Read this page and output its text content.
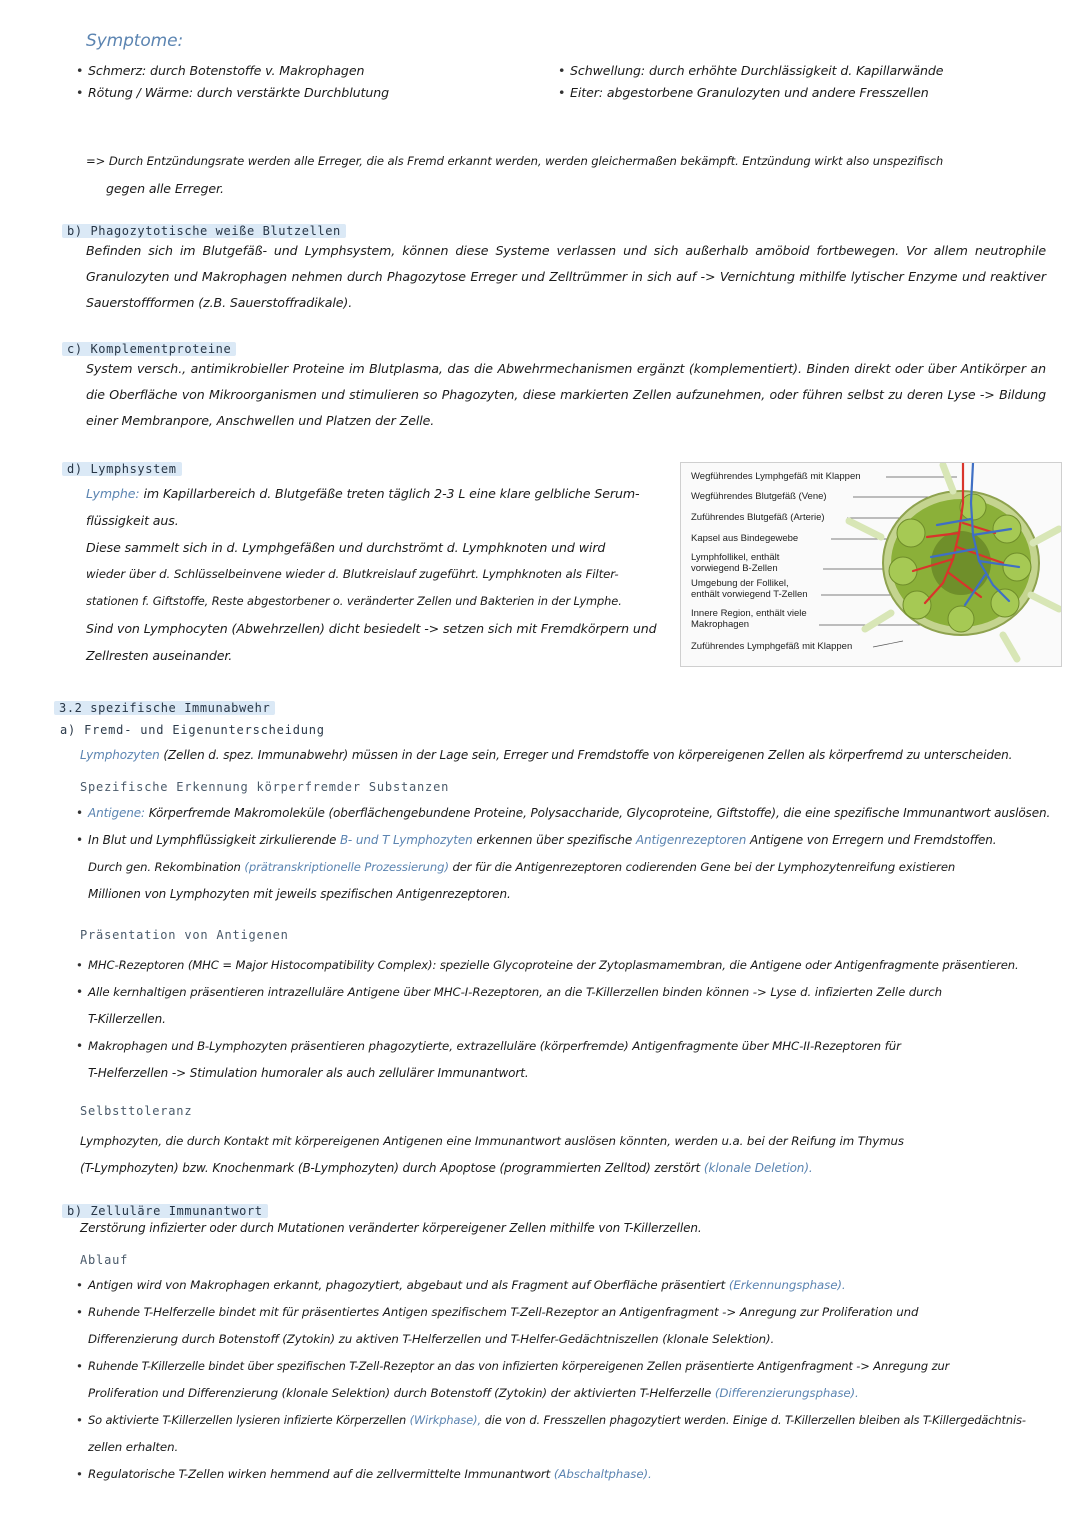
Symptome:
• Schmerz: durch Botenstoffe v. Makrophagen
• Rötung / Wärme: durch verstärkte Durchblutung
• Schwellung: durch erhöhte Durchlässigkeit d. Kapillarwände
• Eiter: abgestorbene Granulozyten und andere Fresszellen
=> Durch Entzündungsrate werden alle Erreger, die als Fremd erkannt werden, werden gleichermaßen bekämpft. Entzündung wirkt also unspezifisch
gegen alle Erreger.
b) Phagozytotische weiße Blutzellen
Befinden sich im Blutgefäß- und Lymphsystem, können diese Systeme verlassen und sich außerhalb amöboid fortbewegen. Vor allem neutrophile Granulozyten und Makrophagen nehmen durch Phagozytose Erreger und Zelltrümmer in sich auf -> Vernichtung mithilfe lytischer Enzyme und reaktiver Sauerstoffformen (z.B. Sauerstoffradikale).
c) Komplementproteine
System versch., antimikrobieller Proteine im Blutplasma, das die Abwehrmechanismen ergänzt (komplementiert). Binden direkt oder über Antikörper an die Oberfläche von Mikroorganismen und stimulieren so Phagozyten, diese markierten Zellen aufzunehmen, oder führen selbst zu deren Lyse -> Bildung einer Membranpore, Anschwellen und Platzen der Zelle.
d) Lymphsystem
Lymphe: im Kapillarbereich d. Blutgefäße treten täglich 2-3 L eine klare gelbliche Serum-
flüssigkeit aus.
Diese sammelt sich in d. Lymphgefäßen und durchströmt d. Lymphknoten und wird
wieder über d. Schlüsselbeinvene wieder d. Blutkreislauf zugeführt. Lymphknoten als Filter-
stationen f. Giftstoffe, Reste abgestorbener o. veränderter Zellen und Bakterien in der Lymphe.
Sind von Lymphocyten (Abwehrzellen) dicht besiedelt -> setzen sich mit Fremdkörpern und
Zellresten auseinander.
Wegführendes Lymphgefäß mit Klappen
Wegführendes Blutgefäß (Vene)
Zuführendes Blutgefäß (Arterie)
Kapsel aus Bindegewebe
Lymphfollikel, enthält vorwiegend B-Zellen
Umgebung der Follikel, enthält vorwiegend T-Zellen
Innere Region, enthält viele Makrophagen
Zuführendes Lymphgefäß mit Klappen
3.2 spezifische Immunabwehr
a) Fremd- und Eigenunterscheidung
Lymphozyten (Zellen d. spez. Immunabwehr) müssen in der Lage sein, Erreger und Fremdstoffe von körpereigenen Zellen als körperfremd zu unterscheiden.
Spezifische Erkennung körperfremder Substanzen
• Antigene: Körperfremde Makromoleküle (oberflächengebundene Proteine, Polysaccharide, Glycoproteine, Giftstoffe), die eine spezifische Immunantwort auslösen.
• In Blut und Lymphflüssigkeit zirkulierende B- und T Lymphozyten erkennen über spezifische Antigenrezeptoren Antigene von Erregern und Fremdstoffen.
Durch gen. Rekombination (prätranskriptionelle Prozessierung) der für die Antigenrezeptoren codierenden Gene bei der Lymphozytenreifung existieren
Millionen von Lymphozyten mit jeweils spezifischen Antigenrezeptoren.
Präsentation von Antigenen
• MHC-Rezeptoren (MHC = Major Histocompatibility Complex): spezielle Glycoproteine der Zytoplasmamembran, die Antigene oder Antigenfragmente präsentieren.
• Alle kernhaltigen präsentieren intrazelluläre Antigene über MHC-I-Rezeptoren, an die T-Killerzellen binden können -> Lyse d. infizierten Zelle durch
T-Killerzellen.
• Makrophagen und B-Lymphozyten präsentieren phagozytierte, extrazelluläre (körperfremde) Antigenfragmente über MHC-II-Rezeptoren für
T-Helferzellen -> Stimulation humoraler als auch zellulärer Immunantwort.
Selbsttoleranz
Lymphozyten, die durch Kontakt mit körpereigenen Antigenen eine Immunantwort auslösen könnten, werden u.a. bei der Reifung im Thymus
(T-Lymphozyten) bzw. Knochenmark (B-Lymphozyten) durch Apoptose (programmierten Zelltod) zerstört (klonale Deletion).
b) Zelluläre Immunantwort
Zerstörung infizierter oder durch Mutationen veränderter körpereigener Zellen mithilfe von T-Killerzellen.
Ablauf
• Antigen wird von Makrophagen erkannt, phagozytiert, abgebaut und als Fragment auf Oberfläche präsentiert (Erkennungsphase).
• Ruhende T-Helferzelle bindet mit für präsentiertes Antigen spezifischem T-Zell-Rezeptor an Antigenfragment -> Anregung zur Proliferation und
Differenzierung durch Botenstoff (Zytokin) zu aktiven T-Helferzellen und T-Helfer-Gedächtniszellen (klonale Selektion).
• Ruhende T-Killerzelle bindet über spezifischen T-Zell-Rezeptor an das von infizierten körpereigenen Zellen präsentierte Antigenfragment -> Anregung zur
Proliferation und Differenzierung (klonale Selektion) durch Botenstoff (Zytokin) der aktivierten T-Helferzelle (Differenzierungsphase).
• So aktivierte T-Killerzellen lysieren infizierte Körperzellen (Wirkphase), die von d. Fresszellen phagozytiert werden. Einige d. T-Killerzellen bleiben als T-Killergedächtnis-
zellen erhalten.
• Regulatorische T-Zellen wirken hemmend auf die zellvermittelte Immunantwort (Abschaltphase).
